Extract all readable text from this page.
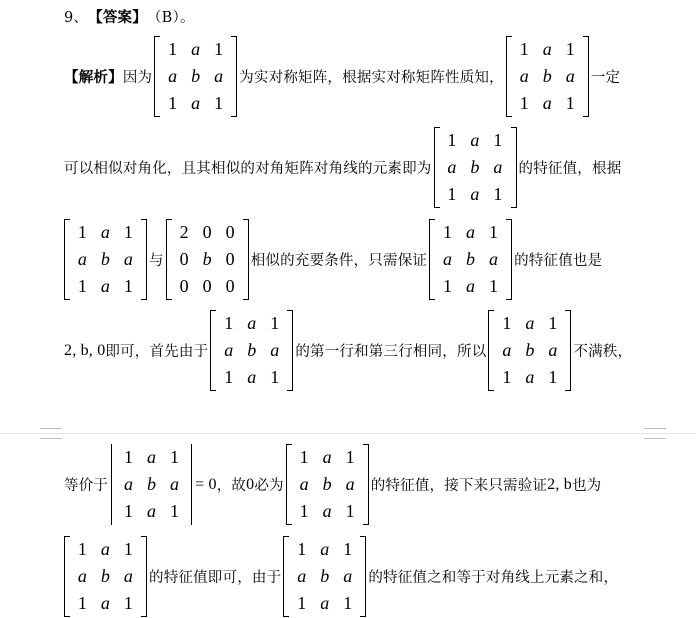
9、 【答案】 （B）。
【解析】 因为
1	a	1
a	b	a
1	a	1
为实对称矩阵，根据实对称矩阵性质知，
1	a	1
a	b	a
1	a	1
一定
可以相似对角化，且其相似的对角矩阵对角线的元素即为
1	a	1
a	b	a
1	a	1
的特征值，根据
1	a	1
a	b	a
1	a	1
与
2	0	0
0	b	0
0	0	0
相似的充要条件，只需保证
1	a	1
a	b	a
1	a	1
的特征值也是
2, b, 0 即可，首先由于
1	a	1
a	b	a
1	a	1
的第一行和第三行相同，所以
1	a	1
a	b	a
1	a	1
不满秩，
等价于
1	a	1
a	b	a
1	a	1
= 0 ，故 0 必为
1	a	1
a	b	a
1	a	1
的特征值，接下来只需验证 2, b 也为
1	a	1
a	b	a
1	a	1
的特征值即可，由于
1	a	1
a	b	a
1	a	1
的特征值之和等于对角线上元素之和，
